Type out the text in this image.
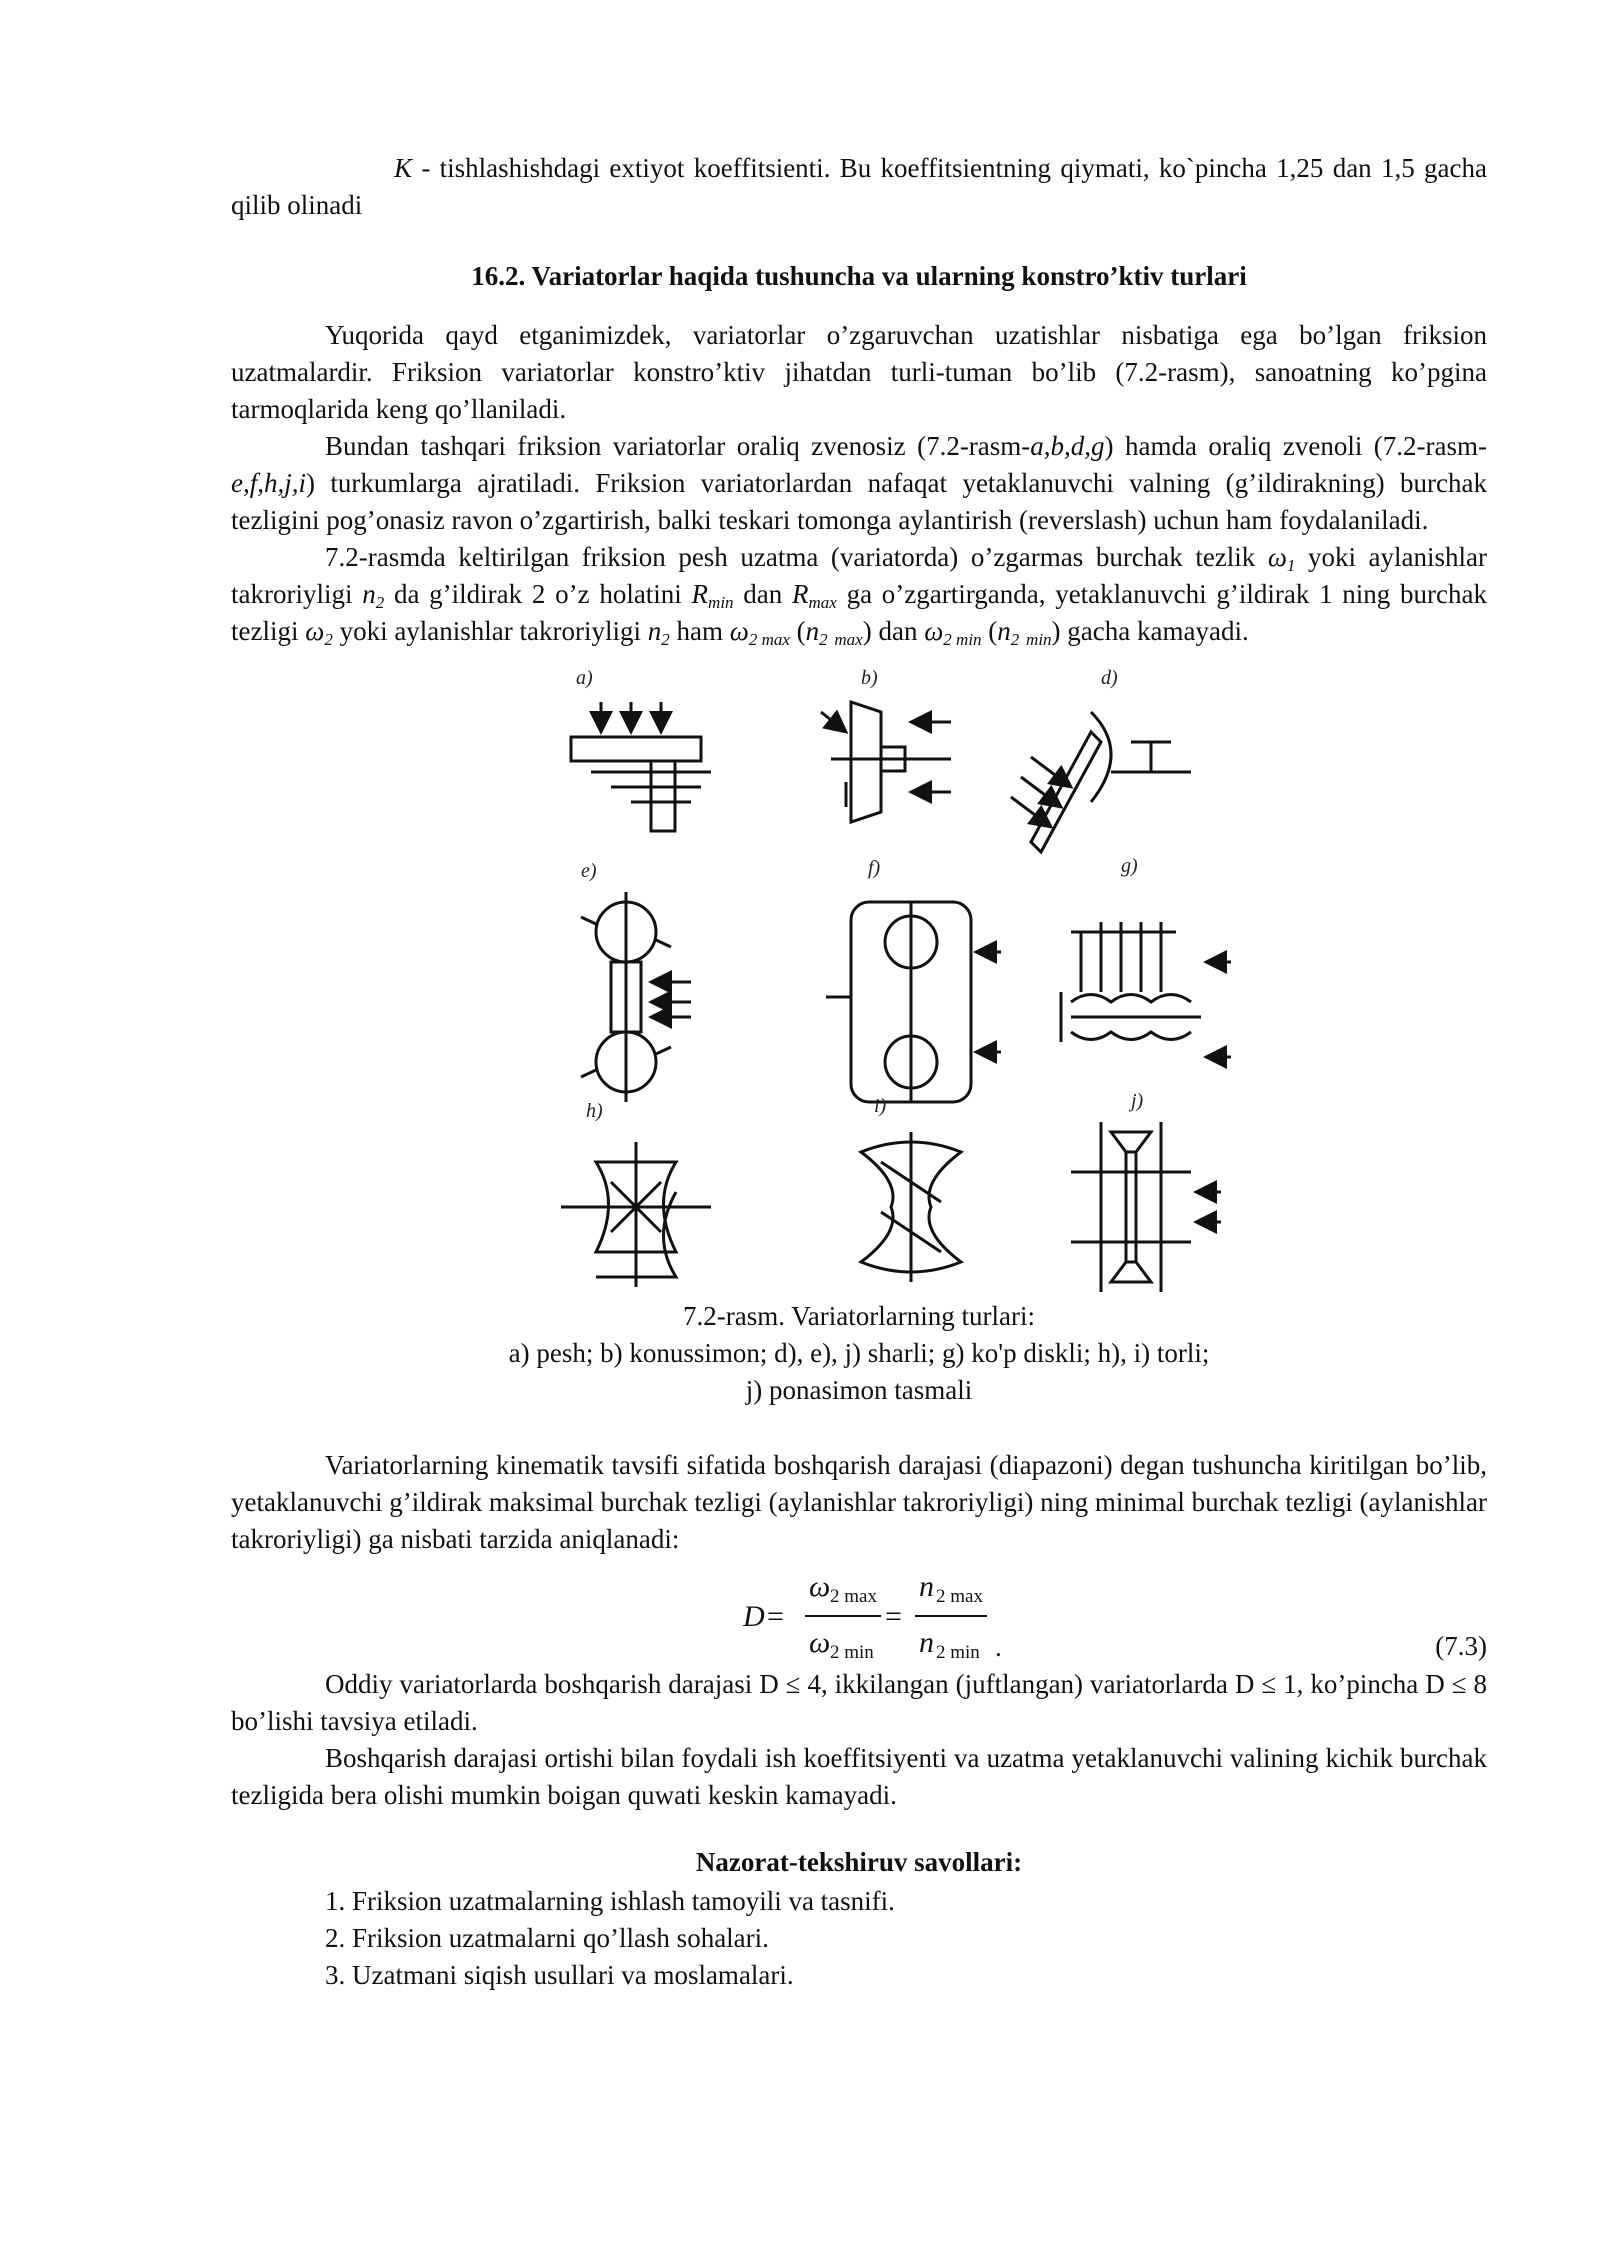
K - tishlashishdagi extiyot koeffitsienti. Bu koeffitsientning qiymati, ko`pincha 1,25 dan 1,5 gacha qilib olinadi

16.2. Variatorlar haqida tushuncha va ularning konstro’ktiv turlari

Yuqorida qayd etganimizdek, variatorlar o’zgaruvchan uzatishlar nisbatiga ega bo’lgan friksion uzatmalardir. Friksion variatorlar konstro’ktiv jihatdan turli-tuman bo’lib (7.2-rasm), sanoatning ko’pgina tarmoqlarida keng qo’llaniladi.

Bundan tashqari friksion variatorlar oraliq zvenosiz (7.2-rasm-a,b,d,g) hamda oraliq zvenoli (7.2-rasm-e,f,h,j,i) turkumlarga ajratiladi. Friksion variatorlardan nafaqat yetaklanuvchi valning (g’ildirakning) burchak tezligini pog’onasiz ravon o’zgartirish, balki teskari tomonga aylantirish (reverslash) uchun ham foydalaniladi.

7.2-rasmda keltirilgan friksion pesh uzatma (variatorda) o’zgarmas burchak tezlik ω1 yoki aylanishlar takroriyligi n2 da g’ildirak 2 o’z holatini Rmin dan Rmax ga o’zgartirganda, yetaklanuvchi g’ildirak 1 ning burchak tezligi ω2 yoki aylanishlar takroriyligi n2 ham ω2 max (n2 max) dan ω2 min (n2 min) gacha kamayadi.

a)	b)	d)
e)	f)	g)
h)	i)	j)

7.2-rasm. Variatorlarning turlari:

a) pesh; b) konussimon; d), e), j) sharli; g) ko'p diskli; h), i) torli;

j) ponasimon tasmali

Variatorlarning kinematik tavsifi sifatida boshqarish darajasi (diapazoni) degan tushuncha kiritilgan bo’lib, yetaklanuvchi g’ildirak maksimal burchak tezligi (aylanishlar takroriyligi) ning minimal burchak tezligi (aylanishlar takroriyligi) ga nisbati tarzida aniqlanadi:

D =
ω 2 max
ω 2 min
=
n 2 max
n 2 min .	(7.3)

Oddiy variatorlarda boshqarish darajasi D ≤ 4, ikkilangan (juftlangan) variatorlarda D ≤ 1, ko’pincha D ≤ 8 bo’lishi tavsiya etiladi.

Boshqarish darajasi ortishi bilan foydali ish koeffitsiyenti va uzatma yetaklanuvchi valining kichik burchak tezligida bera olishi mumkin boigan quwati keskin kamayadi.

Nazorat-tekshiruv savollari:

1. Friksion uzatmalarning ishlash tamoyili va tasnifi.

2. Friksion uzatmalarni qo’llash sohalari.

3. Uzatmani siqish usullari va moslamalari.
